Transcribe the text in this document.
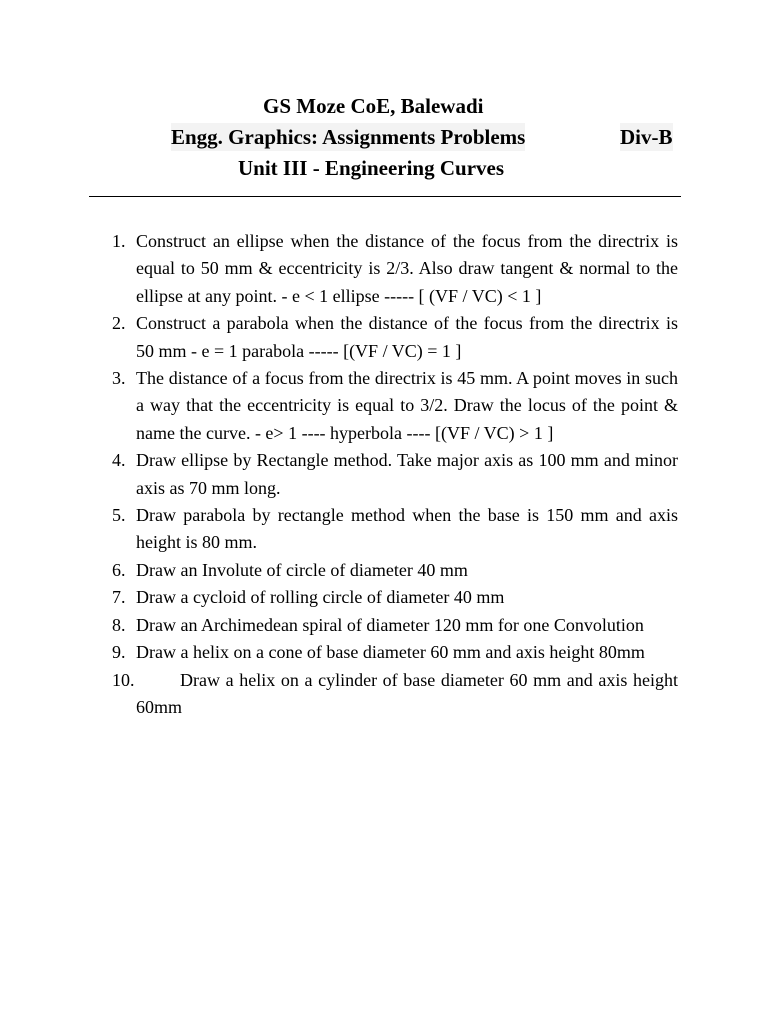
GS Moze CoE, Balewadi
Engg. Graphics: Assignments Problems	Div-B
Unit III - Engineering Curves
1. Construct an ellipse when the distance of the focus from the directrix is equal to 50 mm & eccentricity is 2/3. Also draw tangent & normal to the ellipse at any point. - e < 1 ellipse ----- [ (VF / VC) < 1 ]
2. Construct a parabola when the distance of the focus from the directrix is 50 mm - e = 1 parabola ----- [(VF / VC) = 1 ]
3. The distance of a focus from the directrix is 45 mm. A point moves in such a way that the eccentricity is equal to 3/2. Draw the locus of the point & name the curve. - e> 1 ---- hyperbola ---- [(VF / VC) > 1 ]
4. Draw ellipse by Rectangle method. Take major axis as 100 mm and minor axis as 70 mm long.
5. Draw parabola by rectangle method when the base is 150 mm and axis height is 80 mm.
6. Draw an Involute of circle of diameter 40 mm
7. Draw a cycloid of rolling circle of diameter 40 mm
8. Draw an Archimedean spiral of diameter 120 mm for one Convolution
9. Draw a helix on a cone of base diameter 60 mm and axis height 80mm
10.	Draw a helix on a cylinder of base diameter 60 mm and axis height 60mm
